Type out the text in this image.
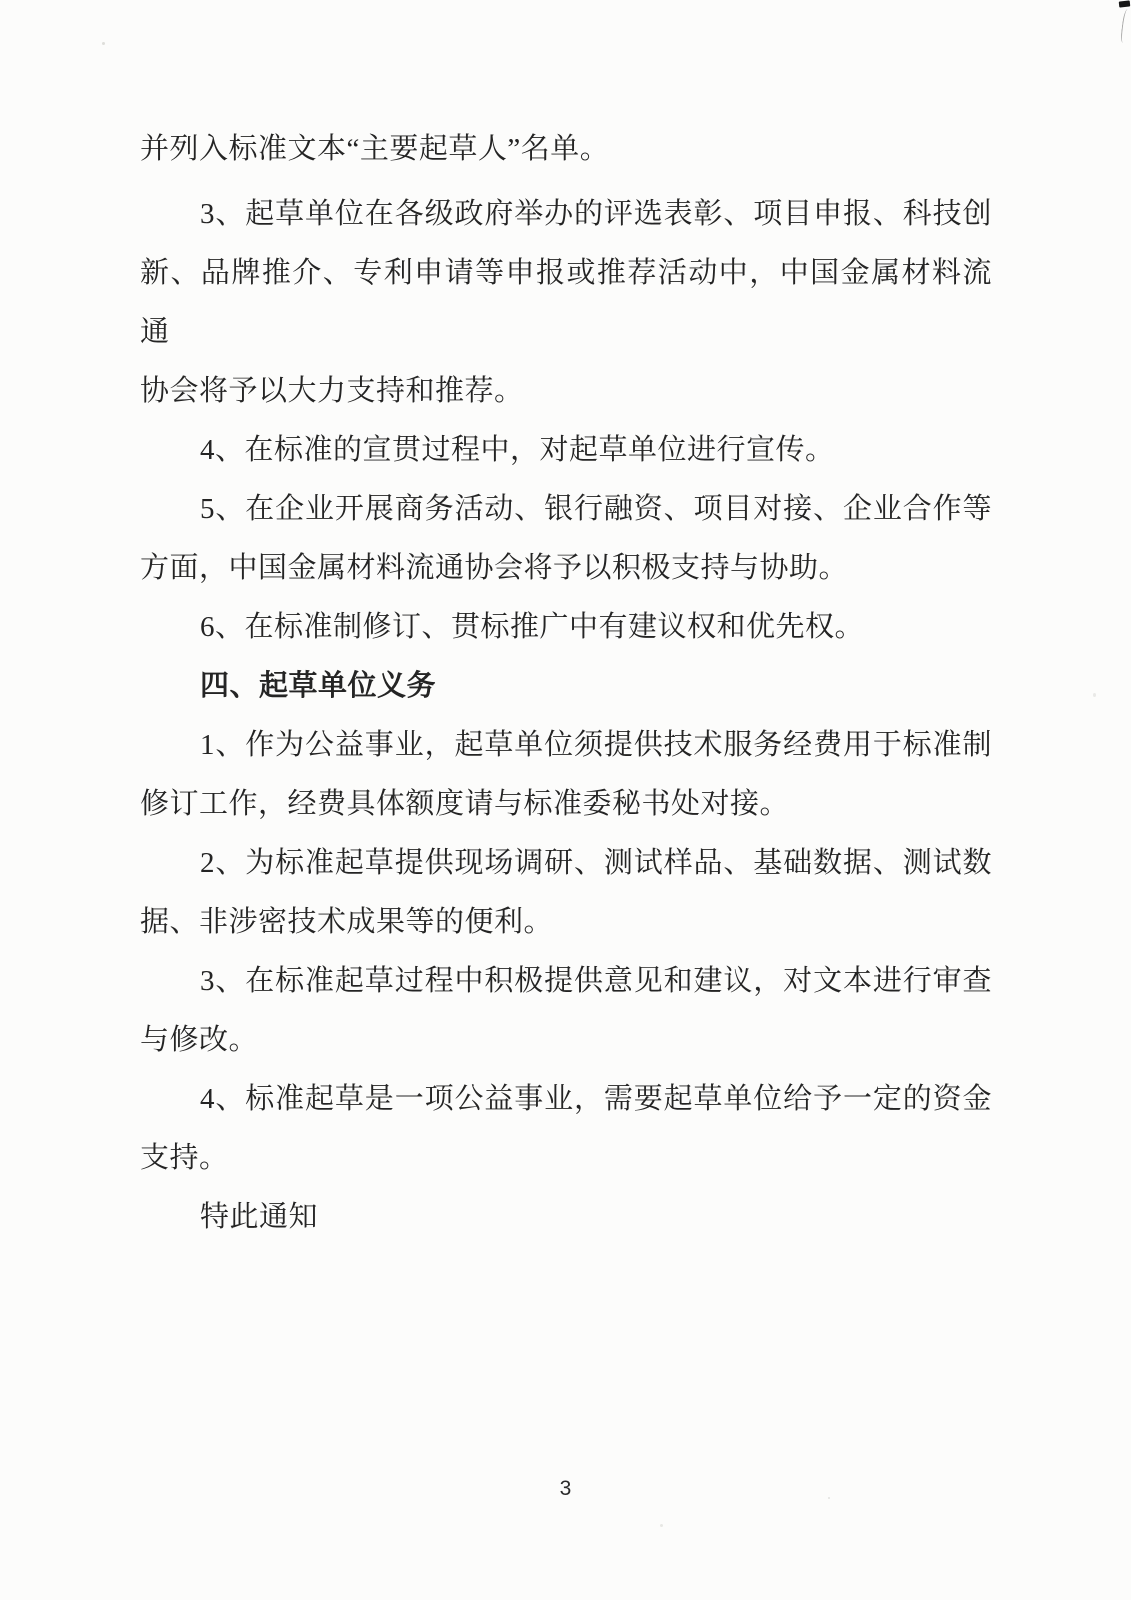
并列入标准文本“主要起草人”名单。
3、起草单位在各级政府举办的评选表彰、项目申报、科技创
新、品牌推介、专利申请等申报或推荐活动中，中国金属材料流通
协会将予以大力支持和推荐。
4、在标准的宣贯过程中，对起草单位进行宣传。
5、在企业开展商务活动、银行融资、项目对接、企业合作等
方面，中国金属材料流通协会将予以积极支持与协助。
6、在标准制修订、贯标推广中有建议权和优先权。
四、起草单位义务
1、作为公益事业，起草单位须提供技术服务经费用于标准制
修订工作，经费具体额度请与标准委秘书处对接。
2、为标准起草提供现场调研、测试样品、基础数据、测试数
据、非涉密技术成果等的便利。
3、在标准起草过程中积极提供意见和建议，对文本进行审查
与修改。
4、标准起草是一项公益事业，需要起草单位给予一定的资金
支持。
特此通知
3
